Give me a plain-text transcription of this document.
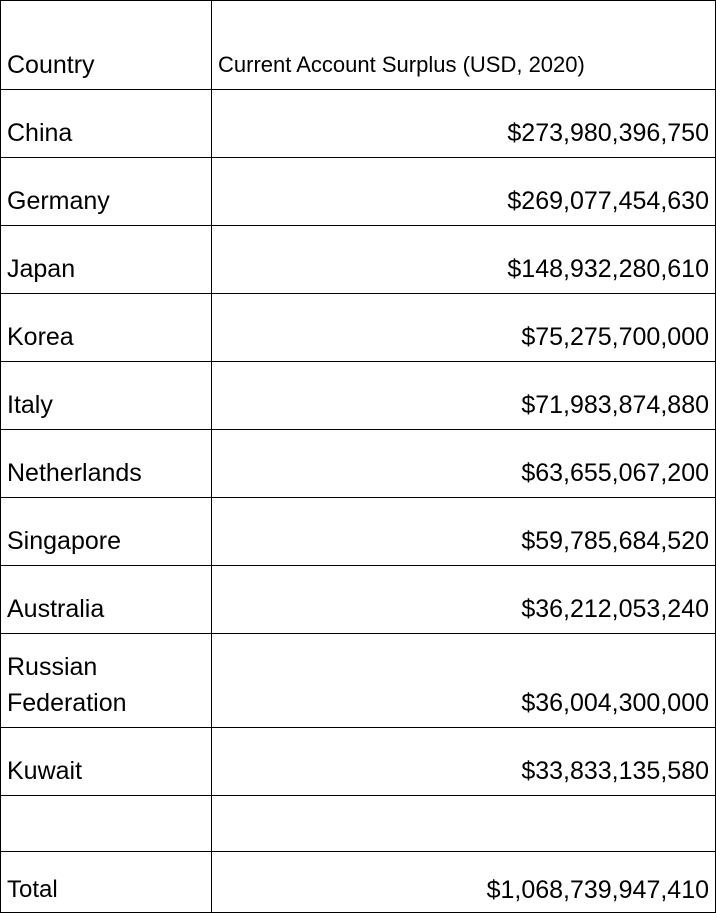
Country	Current Account Surplus (USD, 2020)
China	$273,980,396,750
Germany	$269,077,454,630
Japan	$148,932,280,610
Korea	$75,275,700,000
Italy	$71,983,874,880
Netherlands	$63,655,067,200
Singapore	$59,785,684,520
Australia	$36,212,053,240
Russian Federation	$36,004,300,000
Kuwait	$33,833,135,580

Total	$1,068,739,947,410
